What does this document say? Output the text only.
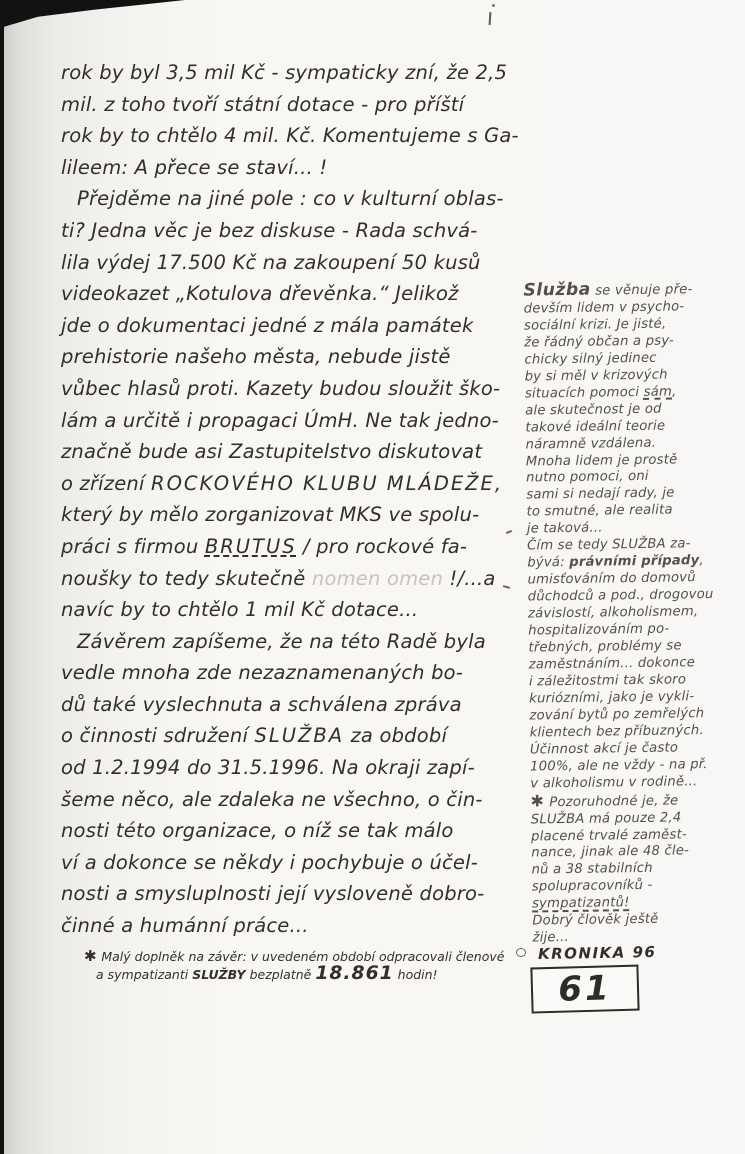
rok by byl 3,5 mil Kč - sympaticky zní, že 2,5
mil. z toho tvoří státní dotace - pro příští
rok by to chtělo 4 mil. Kč. Komentujeme s Ga-
lileem: A přece se staví... !
Přejděme na jiné pole : co v kulturní oblas-
ti? Jedna věc je bez diskuse - Rada schvá-
lila výdej 17.500 Kč na zakoupení 50 kusů
videokazet „Kotulova dřevěnka.“ Jelikož
jde o dokumentaci jedné z mála památek
prehistorie našeho města, nebude jistě
vůbec hlasů proti. Kazety budou sloužit ško-
lám a určitě i propagaci ÚmH. Ne tak jedno-
značně bude asi Zastupitelstvo diskutovat
o zřízení ROCKOVÉHO KLUBU MLÁDEŽE,
který by mělo zorganizovat MKS ve spolu-
práci s firmou BRUTUS / pro rockové fa-
noušky to tedy skutečně nomen omen !/...a
navíc by to chtělo 1 mil Kč dotace...
Závěrem zapíšeme, že na této Radě byla
vedle mnoha zde nezaznamenaných bo-
dů také vyslechnuta a schválena zpráva
o činnosti sdružení SLUŽBA za období
od 1.2.1994 do 31.5.1996. Na okraji zapí-
šeme něco, ale zdaleka ne všechno, o čin-
nosti této organizace, o níž se tak málo
ví a dokonce se někdy i pochybuje o účel-
nosti a smysluplnosti její vysloveně dobro-
činné a humánní práce...
✱ Malý doplněk na závěr: v uvedeném období odpracovali členové
a sympatizanti SLUŽBY bezplatně 18.861 hodin!
Služba se věnuje pře-
devším lidem v psycho-
sociální krizi. Je jisté,
že řádný občan a psy-
chicky silný jedinec
by si měl v krizových
situacích pomoci sám,
ale skutečnost je od
takové ideální teorie
náramně vzdálena.
Mnoha lidem je prostě
nutno pomoci, oni
sami si nedají rady, je
to smutné, ale realita
je taková...
Čím se tedy SLUŽBA za-
bývá: právními případy,
umisťováním do domovů
důchodců a pod., drogovou
závislostí, alkoholismem,
hospitalizováním po-
třebných, problémy se
zaměstnáním... dokonce
i záležitostmi tak skoro
kuriózními, jako je vykli-
zování bytů po zemřelých
klientech bez příbuzných.
Účinnost akcí je často
100%, ale ne vždy - na př.
v alkoholismu v rodině...
✱ Pozoruhodné je, že
SLUŽBA má pouze 2,4
placené trvalé zaměst-
nance, jinak ale 48 čle-
nů a 38 stabilních
spolupracovníků -
sympatizantů!
Dobrý člověk ještě
žije...
KRONIKA 96
61
